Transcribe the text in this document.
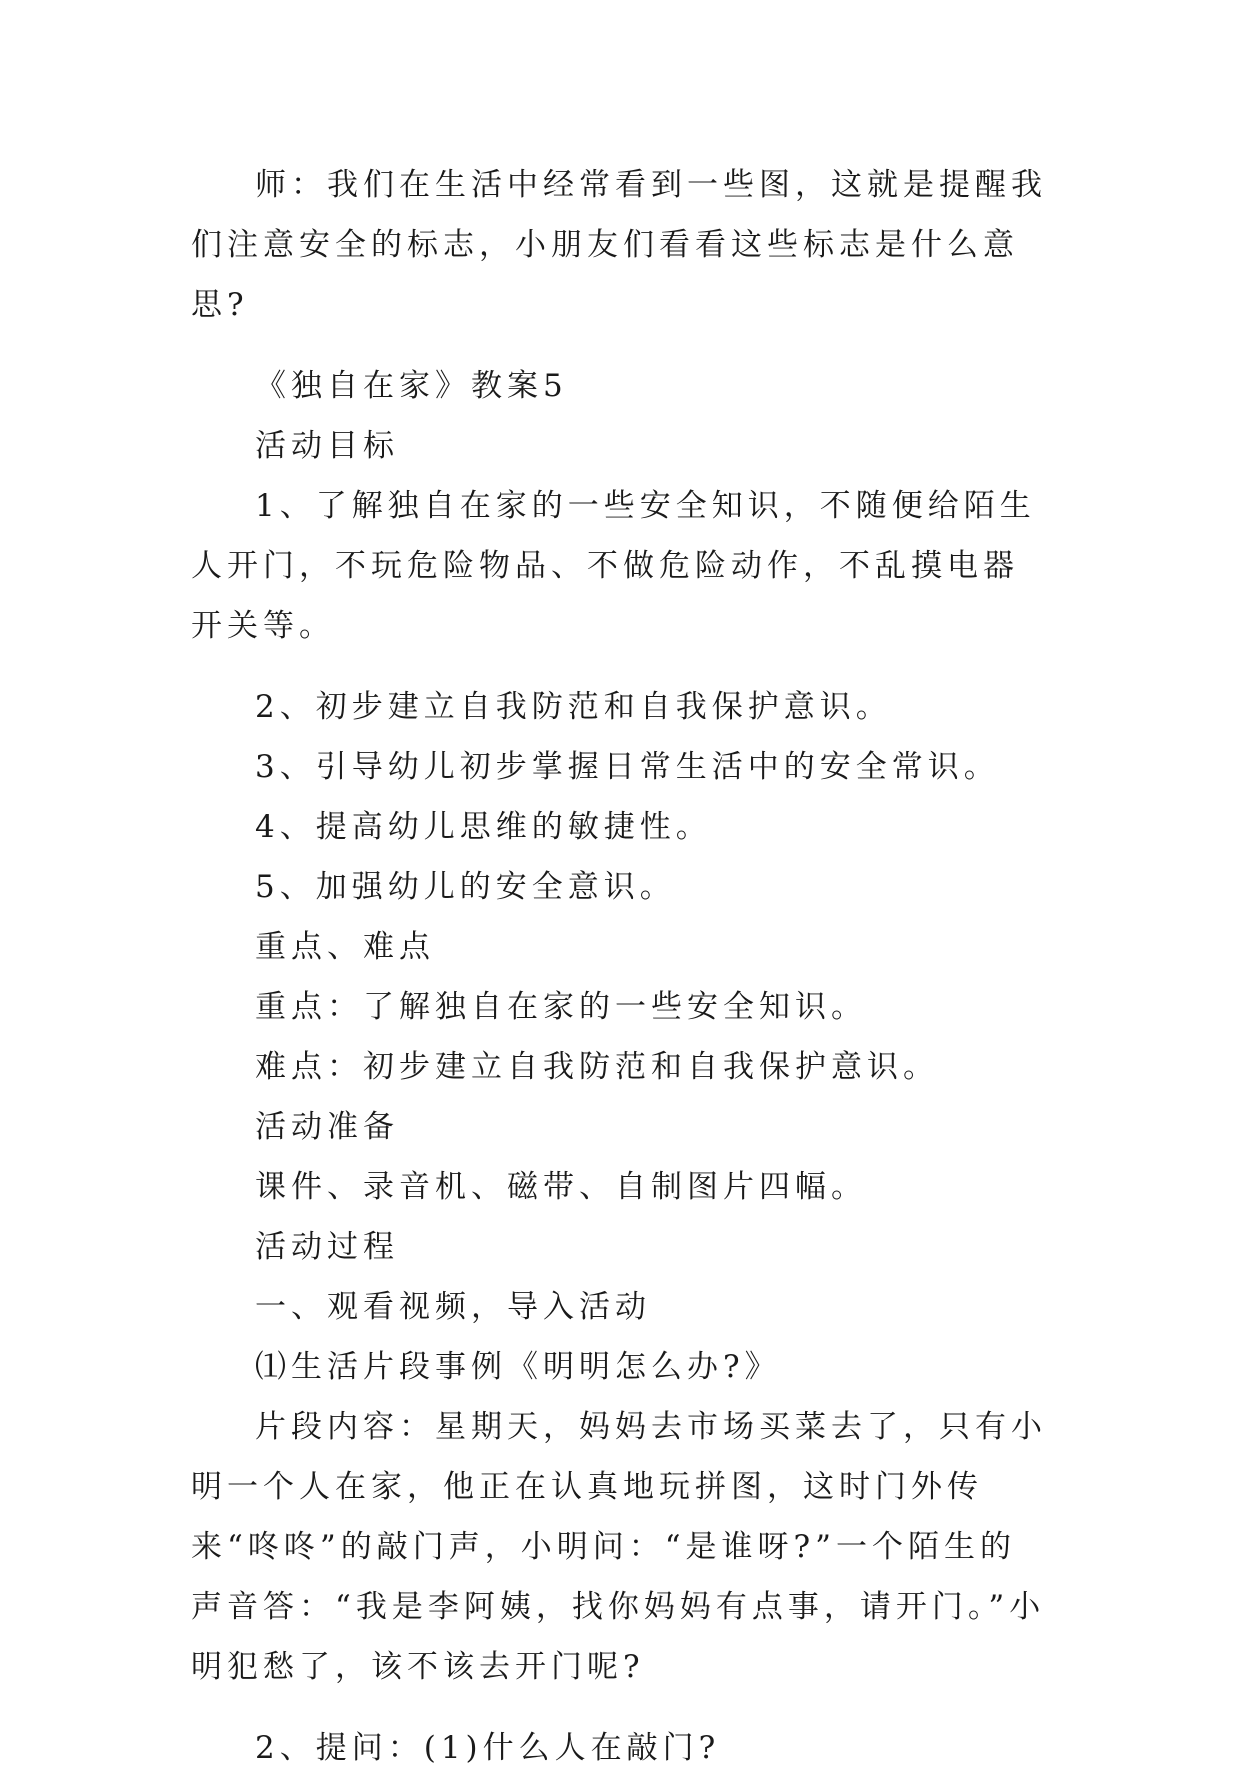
师：我们在生活中经常看到一些图，这就是提醒我们注意安全的标志，小朋友们看看这些标志是什么意思?

《独自在家》教案5

活动目标

1、了解独自在家的一些安全知识，不随便给陌生人开门，不玩危险物品、不做危险动作，不乱摸电器开关等。

2、初步建立自我防范和自我保护意识。

3、引导幼儿初步掌握日常生活中的安全常识。

4、提高幼儿思维的敏捷性。

5、加强幼儿的安全意识。

重点、难点

重点：了解独自在家的一些安全知识。

难点：初步建立自我防范和自我保护意识。

活动准备

课件、录音机、磁带、自制图片四幅。

活动过程

一、观看视频，导入活动

⑴生活片段事例《明明怎么办?》

片段内容：星期天，妈妈去市场买菜去了，只有小明一个人在家，他正在认真地玩拼图，这时门外传来“咚咚”的敲门声，小明问：“是谁呀?”一个陌生的声音答：“我是李阿姨，找你妈妈有点事，请开门。”小明犯愁了，该不该去开门呢?

2、提问：(1)什么人在敲门?
